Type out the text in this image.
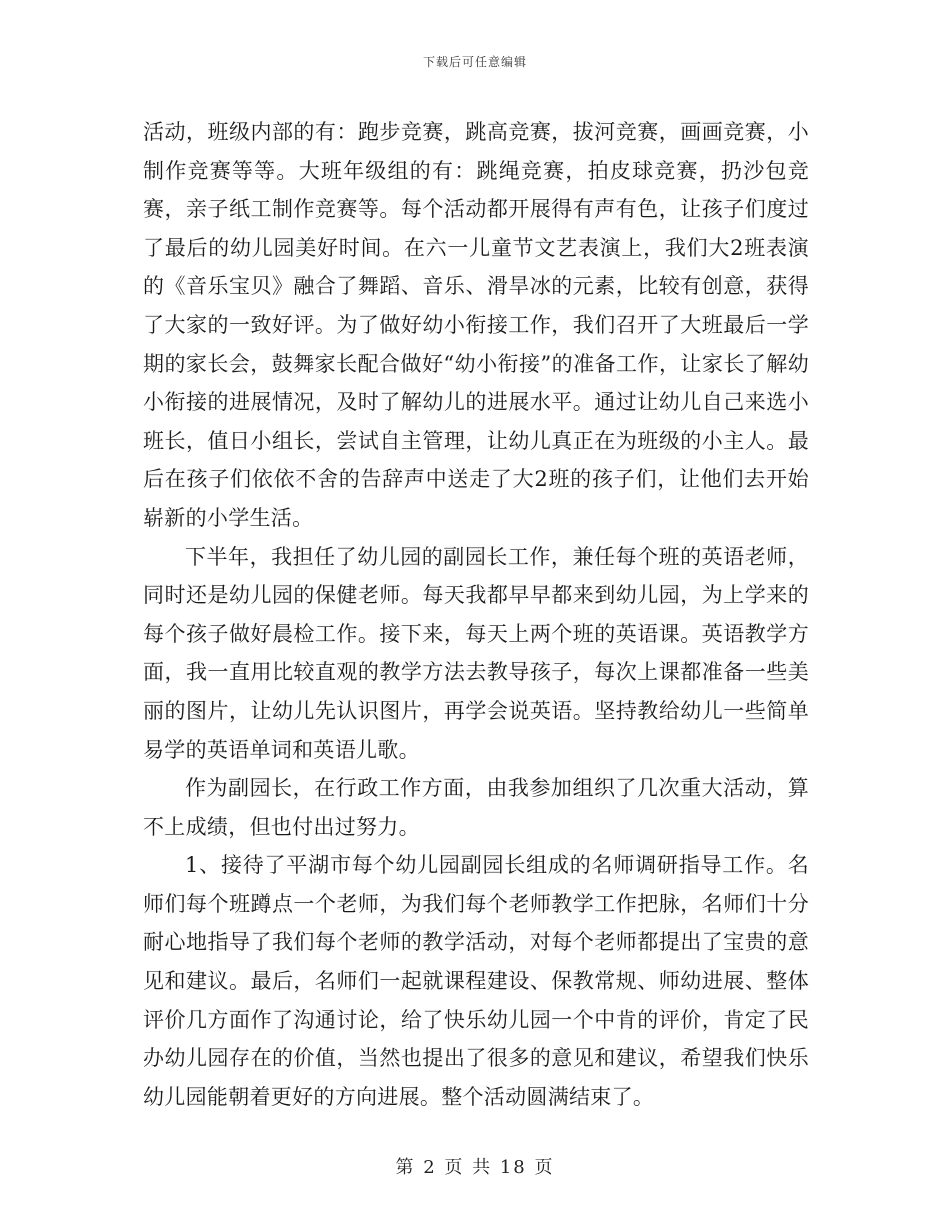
下载后可任意编辑

活动，班级内部的有：跑步竞赛，跳高竞赛，拔河竞赛，画画竞赛，小制作竞赛等等。大班年级组的有：跳绳竞赛，拍皮球竞赛，扔沙包竞赛，亲子纸工制作竞赛等。每个活动都开展得有声有色，让孩子们度过了最后的幼儿园美好时间。在六一儿童节文艺表演上，我们大2班表演的《音乐宝贝》融合了舞蹈、音乐、滑旱冰的元素，比较有创意，获得了大家的一致好评。为了做好幼小衔接工作，我们召开了大班最后一学期的家长会，鼓舞家长配合做好“幼小衔接”的准备工作，让家长了解幼小衔接的进展情况，及时了解幼儿的进展水平。通过让幼儿自己来选小班长，值日小组长，尝试自主管理，让幼儿真正在为班级的小主人。最后在孩子们依依不舍的告辞声中送走了大2班的孩子们，让他们去开始崭新的小学生活。

下半年，我担任了幼儿园的副园长工作，兼任每个班的英语老师，同时还是幼儿园的保健老师。每天我都早早都来到幼儿园，为上学来的每个孩子做好晨检工作。接下来，每天上两个班的英语课。英语教学方面，我一直用比较直观的教学方法去教导孩子，每次上课都准备一些美丽的图片，让幼儿先认识图片，再学会说英语。坚持教给幼儿一些简单易学的英语单词和英语儿歌。

作为副园长，在行政工作方面，由我参加组织了几次重大活动，算不上成绩，但也付出过努力。

1、接待了平湖市每个幼儿园副园长组成的名师调研指导工作。名师们每个班蹲点一个老师，为我们每个老师教学工作把脉，名师们十分耐心地指导了我们每个老师的教学活动，对每个老师都提出了宝贵的意见和建议。最后，名师们一起就课程建设、保教常规、师幼进展、整体评价几方面作了沟通讨论，给了快乐幼儿园一个中肯的评价，肯定了民办幼儿园存在的价值，当然也提出了很多的意见和建议，希望我们快乐幼儿园能朝着更好的方向进展。整个活动圆满结束了。

第 2 页 共 18 页
